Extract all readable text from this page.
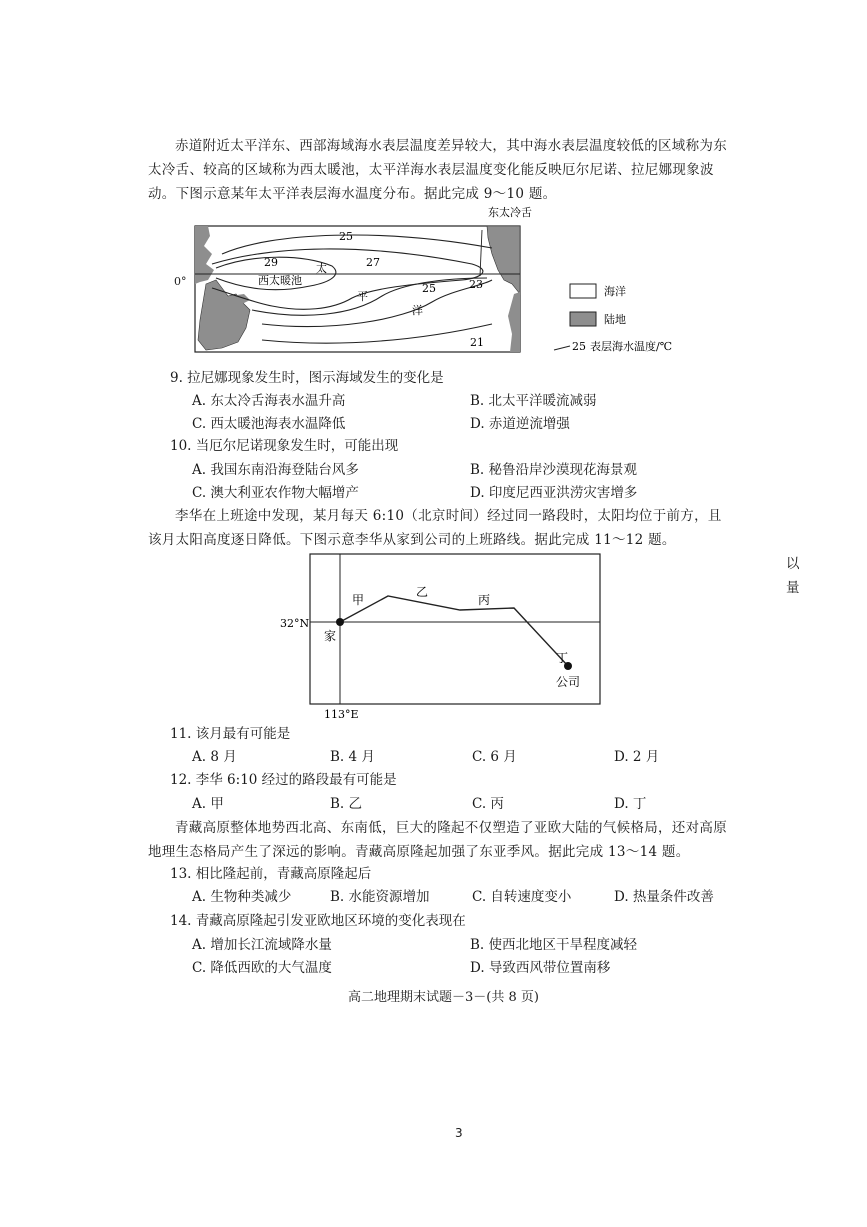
赤道附近太平洋东、西部海域海水表层温度差异较大，其中海水表层温度较低的区域称为东太冷舌、较高的区域称为西太暖池，太平洋海水表层温度变化能反映厄尔尼诺、拉尼娜现象波动。下图示意某年太平洋表层海水温度分布。据此完成 9～10 题。
25
29	27
25	23
21
太
西太暖池
平
洋
东太冷舌
海洋
陆地
25 表层海水温度/℃
0°
9. 拉尼娜现象发生时，图示海域发生的变化是
A. 东太冷舌海表水温升高	B. 北太平洋暖流减弱
C. 西太暖池海表水温降低	D. 赤道逆流增强
10. 当厄尔尼诺现象发生时，可能出现
A. 我国东南沿海登陆台风多	B. 秘鲁沿岸沙漠现花海景观
C. 澳大利亚农作物大幅增产	D. 印度尼西亚洪涝灾害增多
李华在上班途中发现，某月每天 6:10（北京时间）经过同一路段时，太阳均位于前方，且该月太阳高度逐日降低。下图示意李华从家到公司的上班路线。据此完成 11～12 题。
32°N
113°E
家
公司
甲
乙
丙
丁
11. 该月最有可能是
A. 8 月	B. 4 月	C. 6 月	D. 2 月
12. 李华 6:10 经过的路段最有可能是
A. 甲	B. 乙	C. 丙	D. 丁
青藏高原整体地势西北高、东南低，巨大的隆起不仅塑造了亚欧大陆的气候格局，还对高原地理生态格局产生了深远的影响。青藏高原隆起加强了东亚季风。据此完成 13～14 题。
13. 相比隆起前，青藏高原隆起后
A. 生物种类减少	B. 水能资源增加	C. 自转速度变小	D. 热量条件改善
14. 青藏高原隆起引发亚欧地区环境的变化表现在
A. 增加长江流域降水量	B. 使西北地区干旱程度减轻
C. 降低西欧的大气温度	D. 导致西风带位置南移
高二地理期末试题－3－(共 8 页)
以
量
3
